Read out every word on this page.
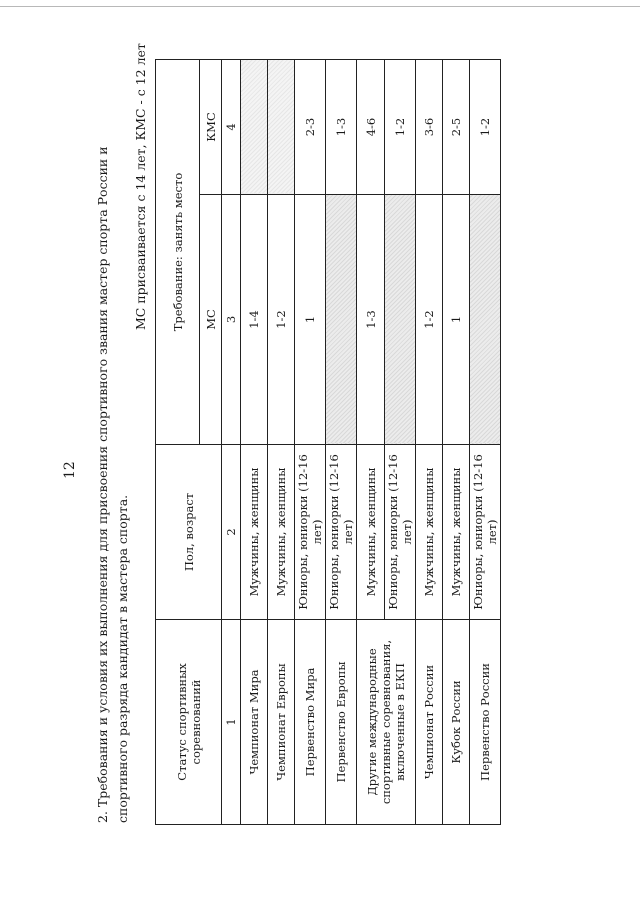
12 2. Требования и условия их выполнения для присвоения спортивного звания мастер спорта России и спортивного разряда кандидат в мастера спорта.
МС присваивается с 14 лет, КМС - с 12 лет
Статус спортивных соревнований	Пол, возраст	Требование: занять место	
		МС	КМС
1	2	3	4
Чемпионат Мира	Мужчины, женщины	1-4	
Чемпионат Европы	Мужчины, женщины	1-2	
Первенство Мира	Юниоры, юниорки (12-16 лет)	1	2-3
Первенство Европы	Юниоры, юниорки (12-16 лет)		1-3
Другие международные спортивные соревнования, включенные в ЕКП	Мужчины, женщины	1-3	4-6
	Юниоры, юниорки (12-16 лет)		1-2
Чемпионат России	Мужчины, женщины	1-2	3-6
Кубок России	Мужчины, женщины	1	2-5
Первенство России	Юниоры, юниорки (12-16 лет)		1-2
